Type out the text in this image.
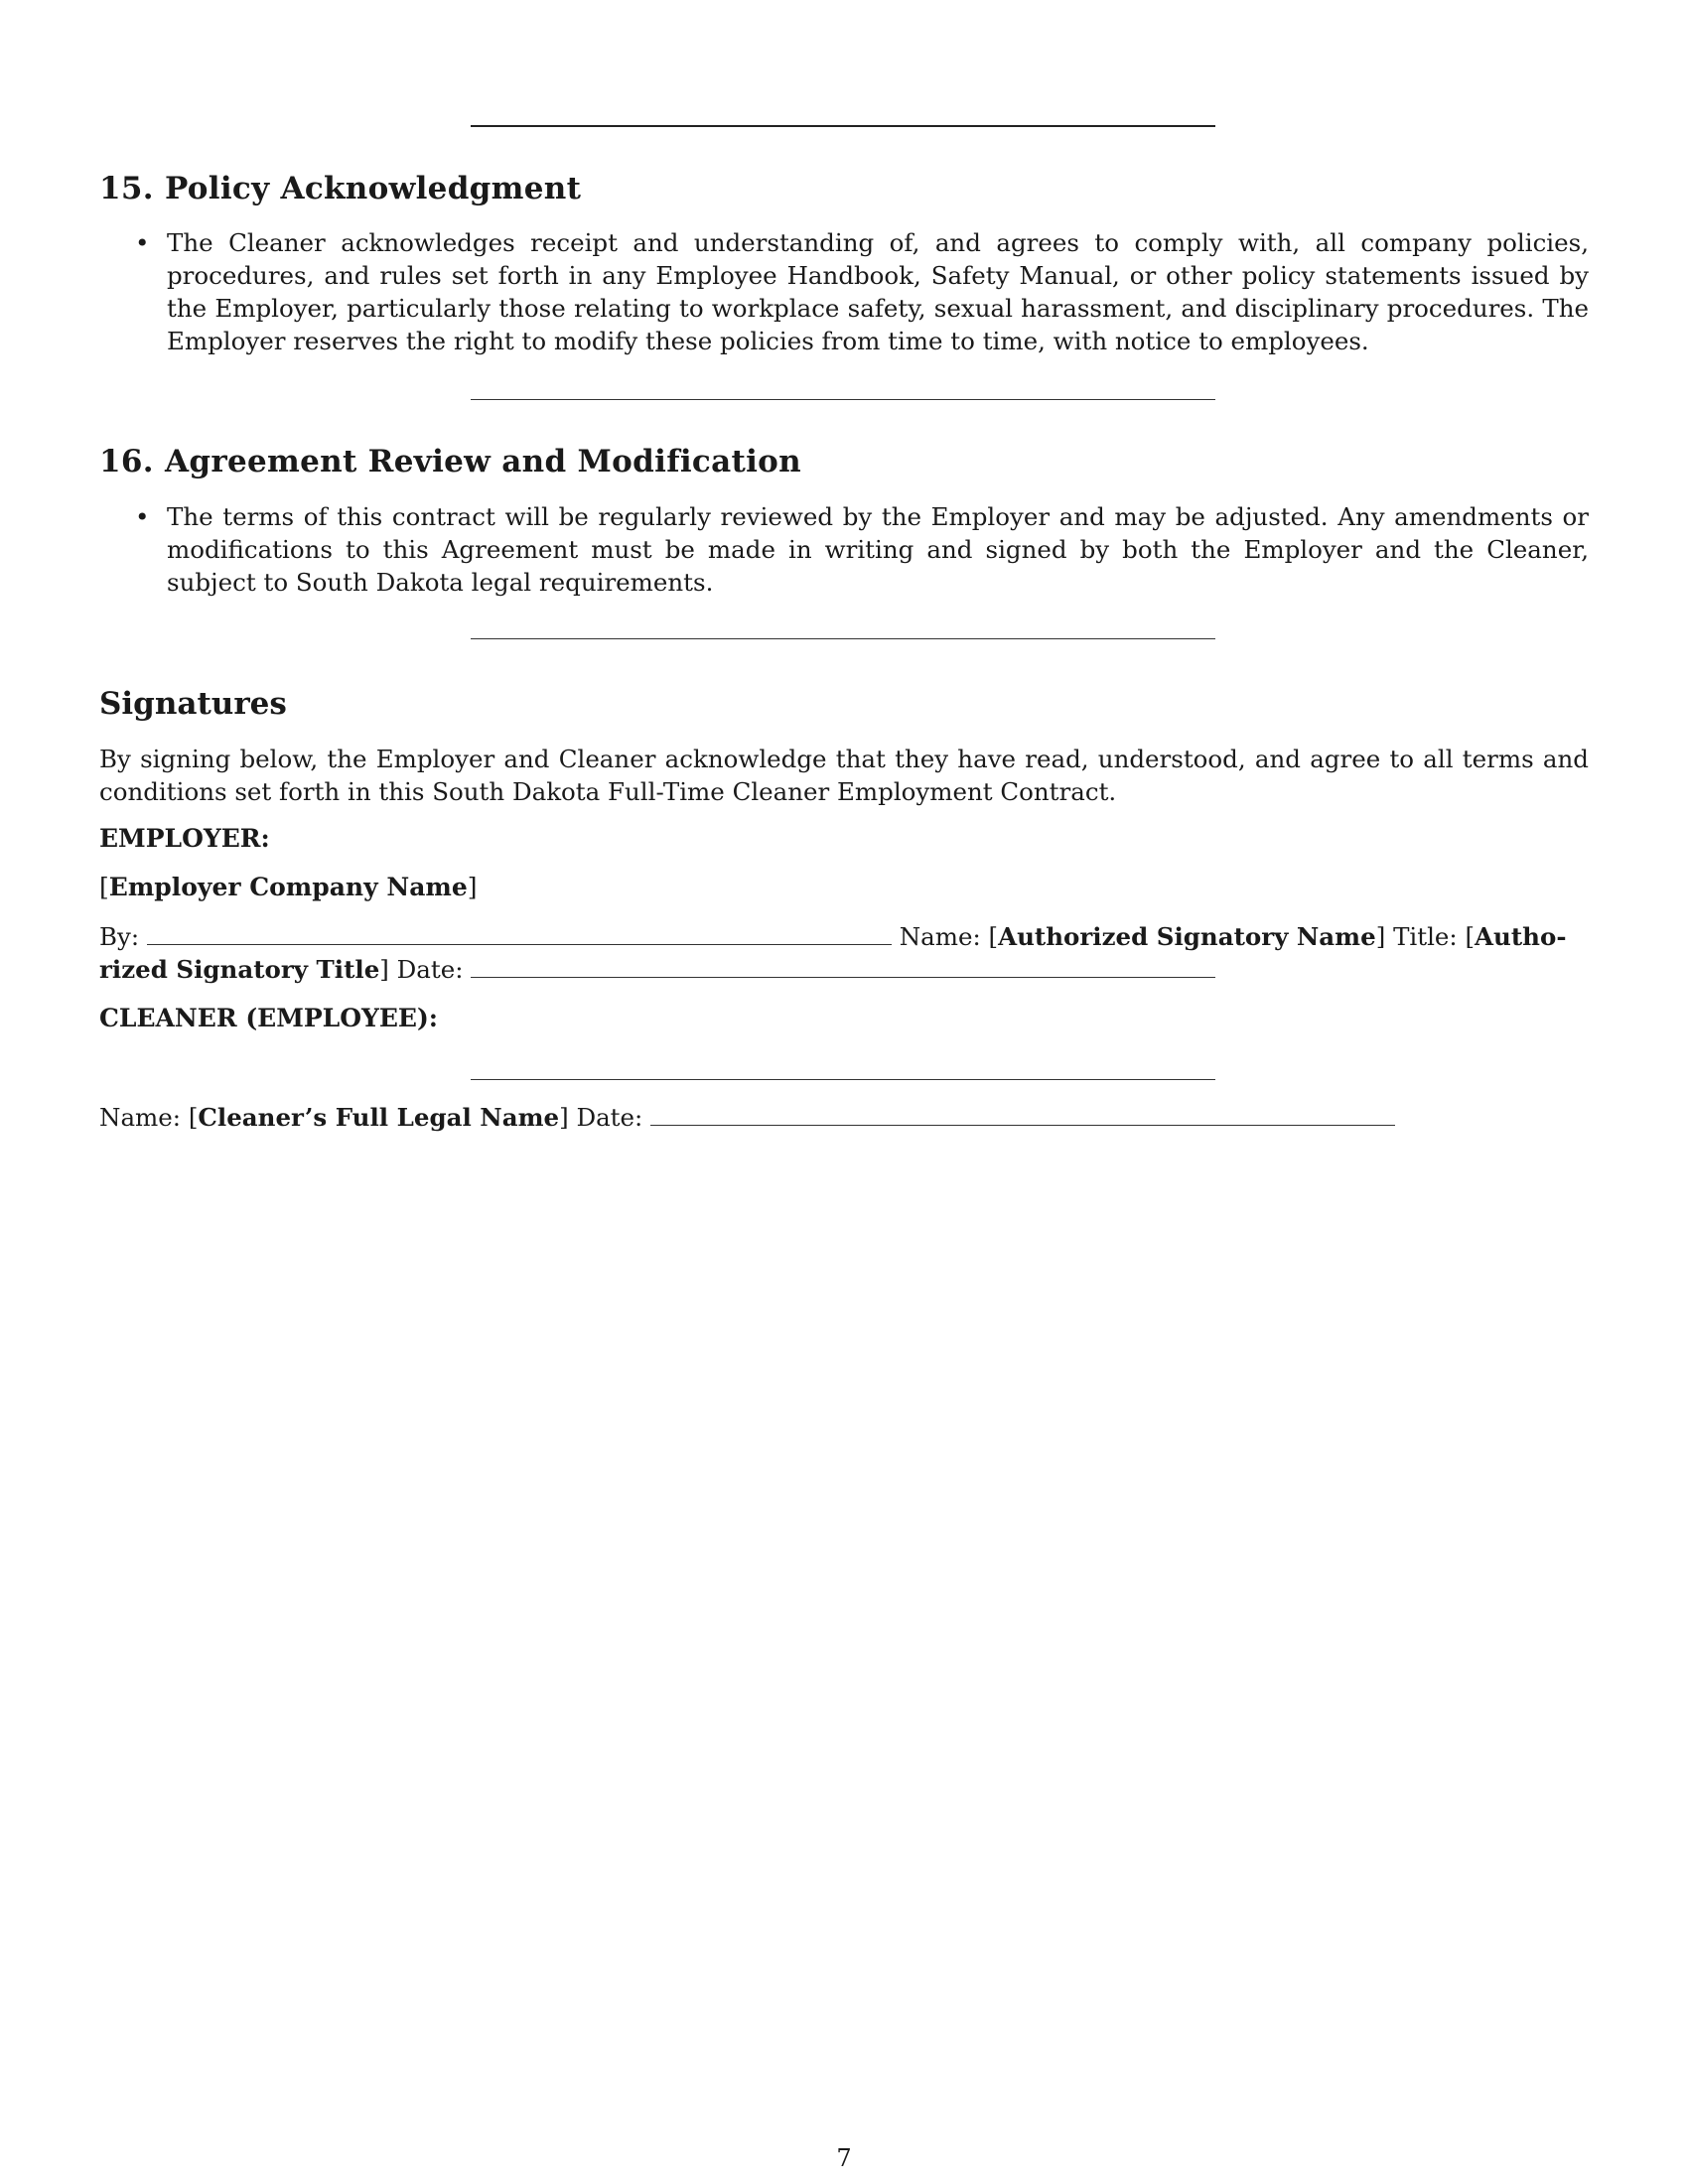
15. Policy Acknowledgment
• The Cleaner acknowledges receipt and understanding of, and agrees to comply with, all company policies, procedures, and rules set forth in any Employee Handbook, Safety Manual, or other policy statements issued by the Employer, particularly those relating to workplace safety, sexual harassment, and disciplinary procedures. The Employer reserves the right to modify these policies from time to time, with notice to employees.
16. Agreement Review and Modification
• The terms of this contract will be regularly reviewed by the Employer and may be adjusted. Any amendments or modifications to this Agreement must be made in writing and signed by both the Employer and the Cleaner, subject to South Dakota legal requirements.
Signatures
By signing below, the Employer and Cleaner acknowledge that they have read, understood, and agree to all terms and conditions set forth in this South Dakota Full-Time Cleaner Employment Contract.
EMPLOYER:
[Employer Company Name]
By:	Name: [Authorized Signatory Name] Title: [Autho-
rized Signatory Title] Date:
CLEANER (EMPLOYEE):
Name: [Cleaner’s Full Legal Name] Date:
7
